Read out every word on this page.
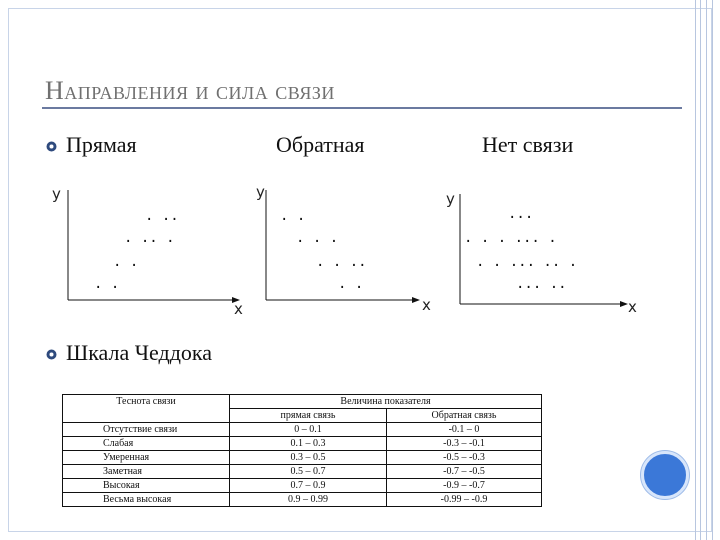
Направления и сила связи
Прямая	Обратная	Нет связи
y
x
. ..
. .. .
. .
. .
y
x
. .
. . .
. . ..
. .
y
x
...
. . . ... .
. . ... .. .
... ..
Шкала Чеддока
Теснота связи	Величина показателя	
	прямая связь	Обратная связь
Отсутствие связи	0 – 0.1	-0.1 – 0
Слабая	0.1 – 0.3	-0.3 – -0.1
Умеренная	0.3 – 0.5	-0.5 – -0.3
Заметная	0.5 – 0.7	-0.7 – -0.5
Высокая	0.7 – 0.9	-0.9 – -0.7
Весьма высокая	0.9 – 0.99	-0.99 – -0.9
